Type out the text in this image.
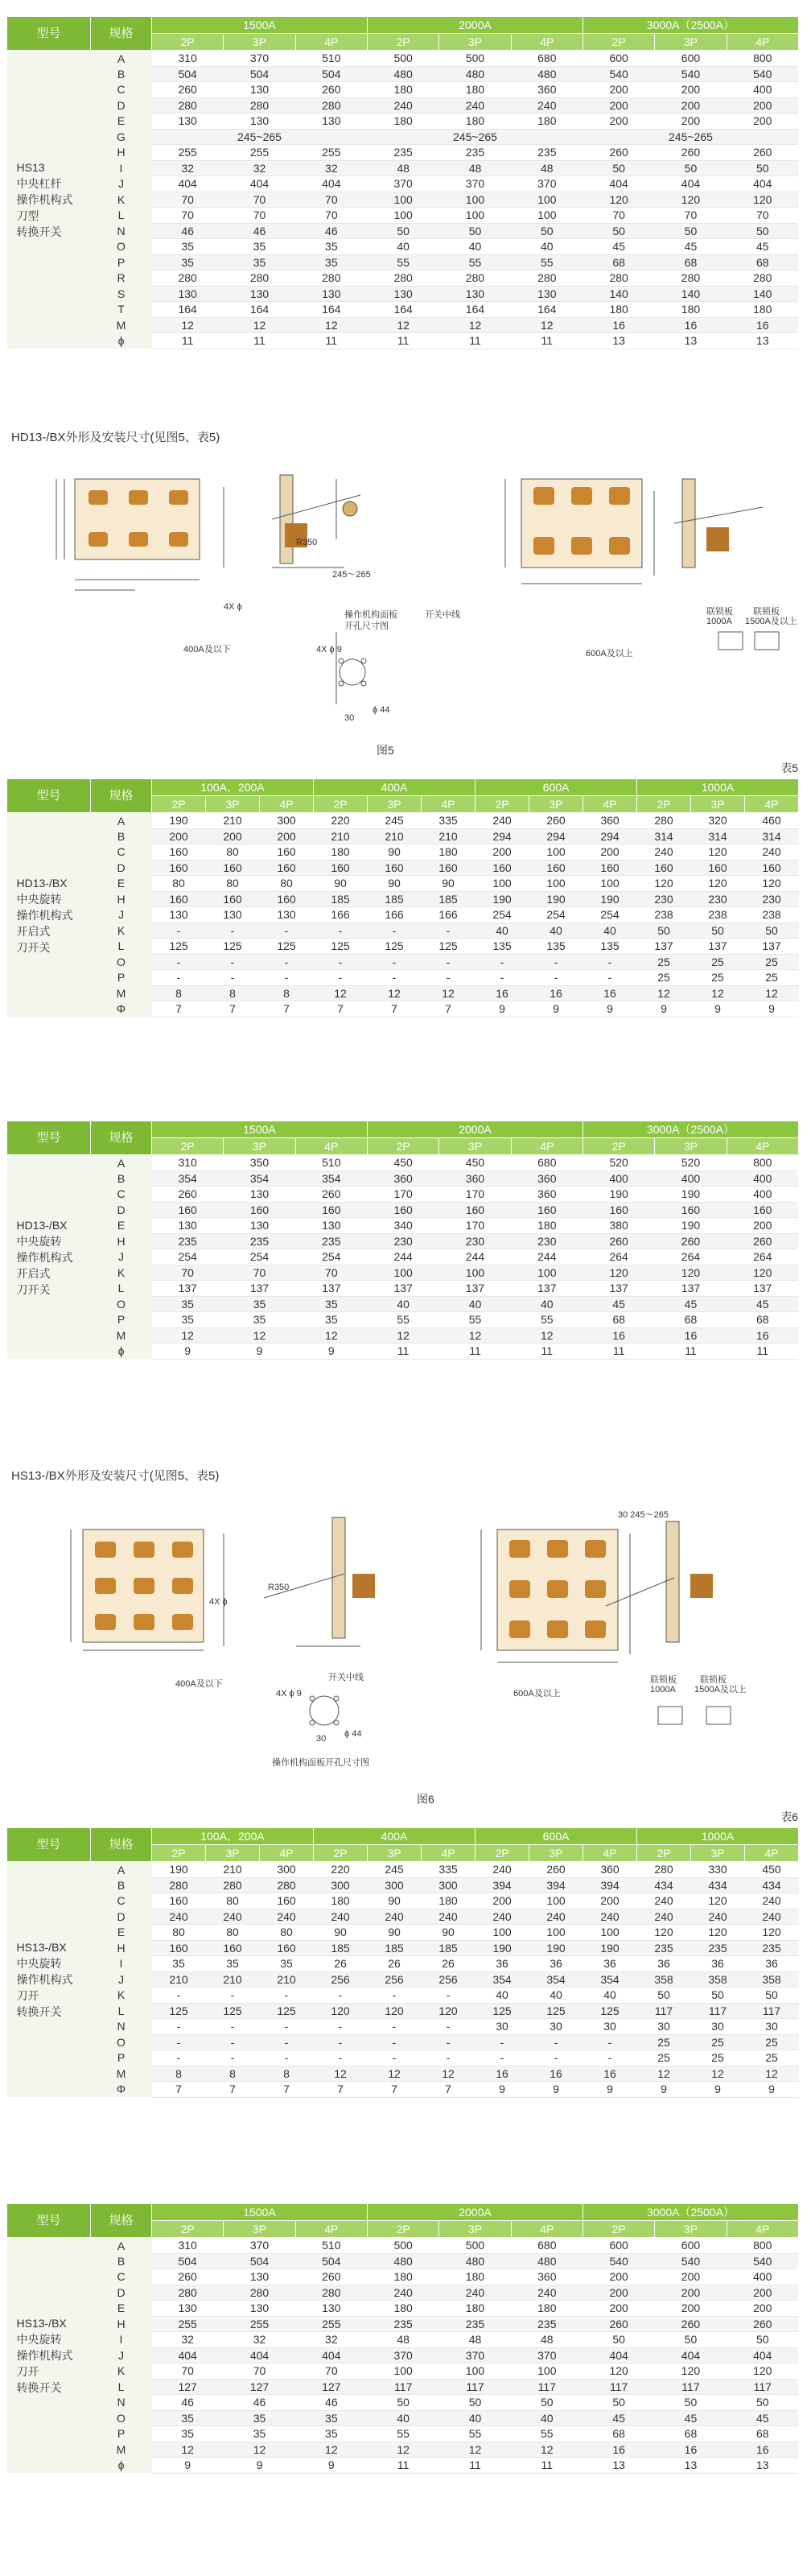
型号	规格	1500A			2000A			3000A（2500A）		
		2P	3P	4P	2P	3P	4P	2P	3P	4P

HS13
中央杠杆
操作机构式
刀型
转换开关	A	310	370	510	500	500	680	600	600	800
	B	504	504	504	480	480	480	540	540	540
	C	260	130	260	180	180	360	200	200	400
	D	280	280	280	240	240	240	200	200	200
	E	130	130	130	180	180	180	200	200	200
	G	245~265			245~265			245~265		
	H	255	255	255	235	235	235	260	260	260
	I	32	32	32	48	48	48	50	50	50
	J	404	404	404	370	370	370	404	404	404
	K	70	70	70	100	100	100	120	120	120
	L	70	70	70	100	100	100	70	70	70
	N	46	46	46	50	50	50	50	50	50
	O	35	35	35	40	40	40	45	45	45
	P	35	35	35	55	55	55	68	68	68
	R	280	280	280	280	280	280	280	280	280
	S	130	130	130	130	130	130	140	140	140
	T	164	164	164	164	164	164	180	180	180
	M	12	12	12	12	12	12	16	16	16
	ϕ	11	11	11	11	11	11	13	13	13
HD13-/BX外形及安装尺寸(见图5、表5)
245～265
4X ϕ
R350
开关中线
4X ϕ 9
30
ϕ 44
操作机构面板
开孔尺寸图
400A及以下	600A及以上
联锁板
1000A
联锁板
1500A及以上
图5
表5
型号	规格	100A、200A			400A			600A			1000A		
		2P	3P	4P	2P	3P	4P	2P	3P	4P	2P	3P	4P

HD13-/BX
中央旋转
操作机构式
开启式
刀开关	A	190	210	300	220	245	335	240	260	360	280	320	460
	B	200	200	200	210	210	210	294	294	294	314	314	314
	C	160	80	160	180	90	180	200	100	200	240	120	240
	D	160	160	160	160	160	160	160	160	160	160	160	160
	E	80	80	80	90	90	90	100	100	100	120	120	120
	H	160	160	160	185	185	185	190	190	190	230	230	230
	J	130	130	130	166	166	166	254	254	254	238	238	238
	K	-	-	-	-	-	-	40	40	40	50	50	50
	L	125	125	125	125	125	125	135	135	135	137	137	137
	O	-	-	-	-	-	-	-	-	-	25	25	25
	P	-	-	-	-	-	-	-	-	-	25	25	25
	M	8	8	8	12	12	12	16	16	16	12	12	12
	Φ	7	7	7	7	7	7	9	9	9	9	9	9
型号	规格	1500A			2000A			3000A（2500A）		
		2P	3P	4P	2P	3P	4P	2P	3P	4P

HD13-/BX
中央旋转
操作机构式
开启式
刀开关	A	310	350	510	450	450	680	520	520	800
	B	354	354	354	360	360	360	400	400	400
	C	260	130	260	170	170	360	190	190	400
	D	160	160	160	160	160	160	160	160	160
	E	130	130	130	340	170	180	380	190	200
	H	235	235	235	230	230	230	260	260	260
	J	254	254	254	244	244	244	264	264	264
	K	70	70	70	100	100	100	120	120	120
	L	137	137	137	137	137	137	137	137	137
	O	35	35	35	40	40	40	45	45	45
	P	35	35	35	55	55	55	68	68	68
	M	12	12	12	12	12	12	16	16	16
	ϕ	9	9	9	11	11	11	11	11	11
HS13-/BX外形及安装尺寸(见图5、表5)
30 245～265
4X ϕ
R350
开关中线
4X ϕ 9
30 ϕ 44
400A及以下
600A及以上
操作机构面板开孔尺寸图
联锁板
1000A
联锁板
1500A及以上
图6
表6
型号	规格	100A、200A			400A			600A			1000A		
		2P	3P	4P	2P	3P	4P	2P	3P	4P	2P	3P	4P

HS13-/BX
中央旋转
操作机构式
刀开
转换开关	A	190	210	300	220	245	335	240	260	360	280	330	450
	B	280	280	280	300	300	300	394	394	394	434	434	434
	C	160	80	160	180	90	180	200	100	200	240	120	240
	D	240	240	240	240	240	240	240	240	240	240	240	240
	E	80	80	80	90	90	90	100	100	100	120	120	120
	H	160	160	160	185	185	185	190	190	190	235	235	235
	I	35	35	35	26	26	26	36	36	36	36	36	36
	J	210	210	210	256	256	256	354	354	354	358	358	358
	K	-	-	-	-	-	-	40	40	40	50	50	50
	L	125	125	125	120	120	120	125	125	125	117	117	117
	N	-	-	-	-	-	-	30	30	30	30	30	30
	O	-	-	-	-	-	-	-	-	-	25	25	25
	P	-	-	-	-	-	-	-	-	-	25	25	25
	M	8	8	8	12	12	12	16	16	16	12	12	12
	Φ	7	7	7	7	7	7	9	9	9	9	9	9
型号	规格	1500A			2000A			3000A（2500A）		
		2P	3P	4P	2P	3P	4P	2P	3P	4P

HS13-/BX
中央旋转
操作机构式
刀开
转换开关	A	310	370	510	500	500	680	600	600	800
	B	504	504	504	480	480	480	540	540	540
	C	260	130	260	180	180	360	200	200	400
	D	280	280	280	240	240	240	200	200	200
	E	130	130	130	180	180	180	200	200	200
	H	255	255	255	235	235	235	260	260	260
	I	32	32	32	48	48	48	50	50	50
	J	404	404	404	370	370	370	404	404	404
	K	70	70	70	100	100	100	120	120	120
	L	127	127	127	117	117	117	117	117	117
	N	46	46	46	50	50	50	50	50	50
	O	35	35	35	40	40	40	45	45	45
	P	35	35	35	55	55	55	68	68	68
	M	12	12	12	12	12	12	16	16	16
	ϕ	9	9	9	11	11	11	13	13	13
